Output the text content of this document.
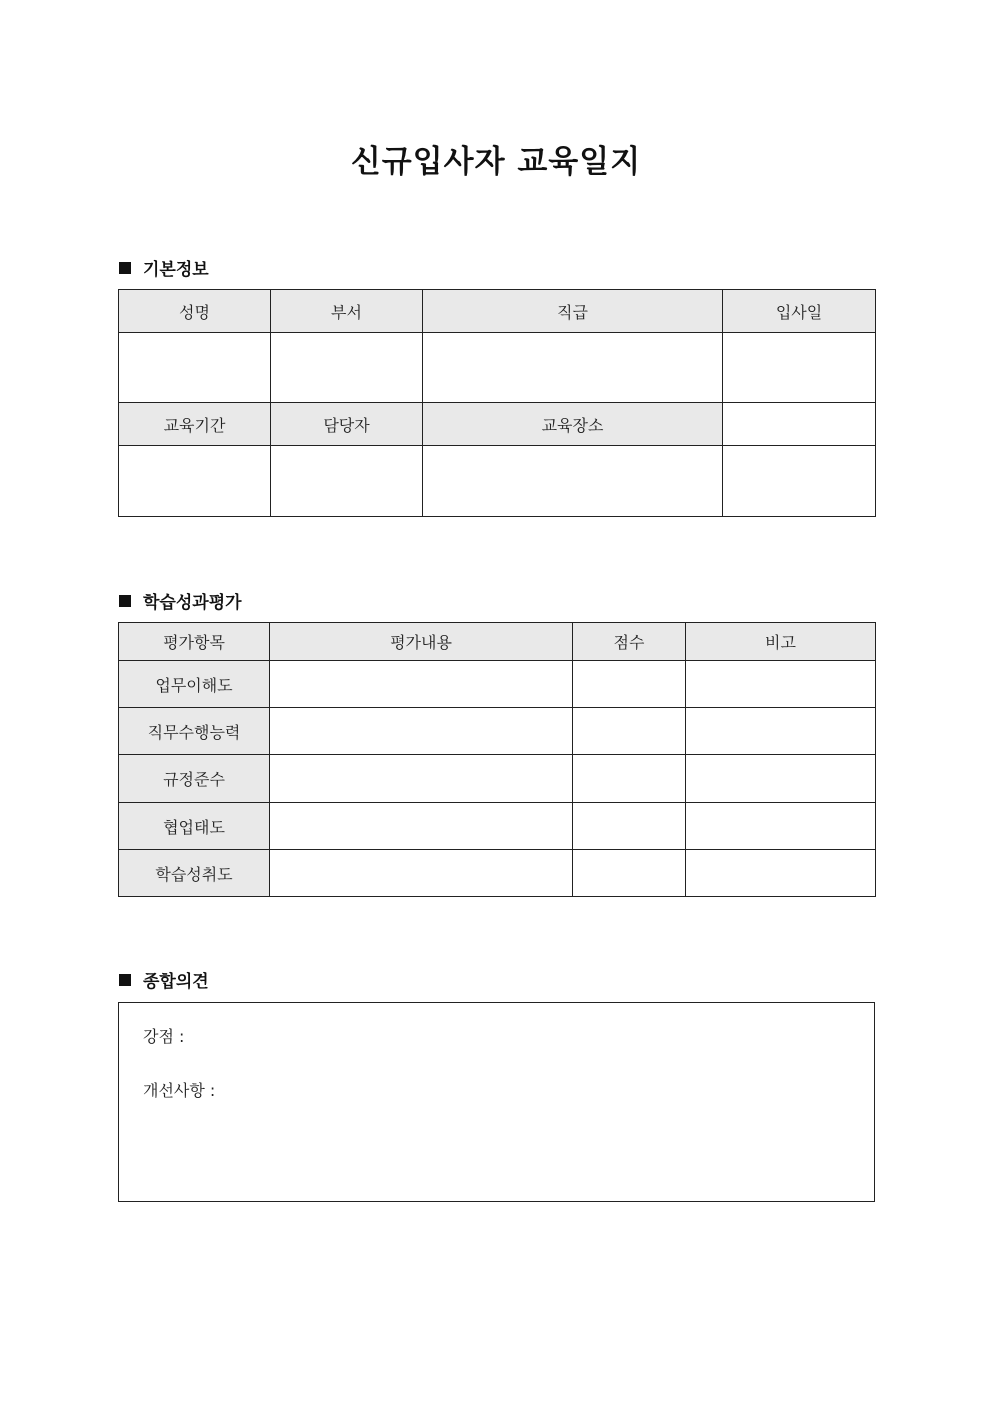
신규입사자 교육일지
기본정보
성명	부서	직급	입사일

교육기간	담당자	교육장소	

학습성과평가
평가항목	평가내용	점수	비고
업무이해도			
직무수행능력			
규정준수			
협업태도			
학습성취도			
종합의견
강점 :
개선사항 :
